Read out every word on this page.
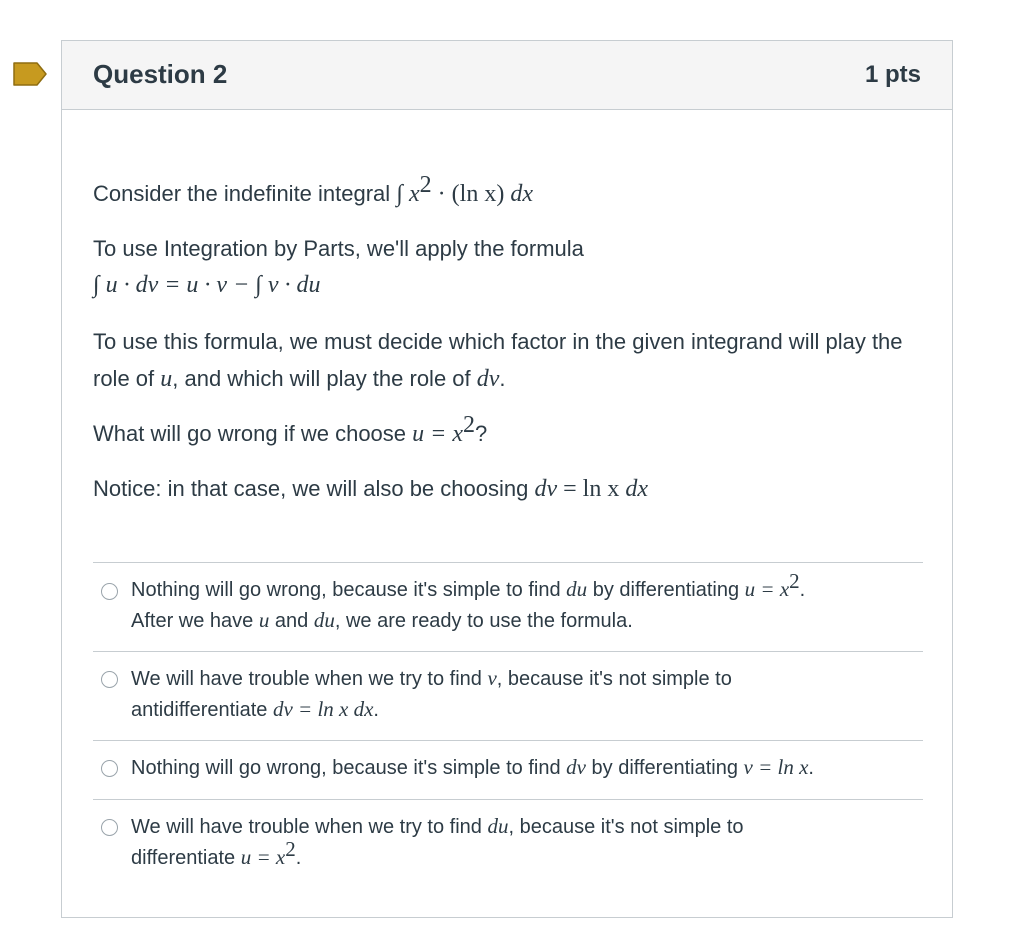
Question 2	1 pts
Consider the indefinite integral ∫ $x^2 \cdot (\ln$ x) dx
To use Integration by Parts, we'll apply the formula
∫ u · dv = u · v − ∫ v · du
To use this formula, we must decide which factor in the given integrand will play the role of u, and which will play the role of dv.
What will go wrong if we choose $u = x^2$?
Notice: in that case, we will also be choosing dv = ln x dx
Nothing will go wrong, because it's simple to find du by differentiating $u = x^2$.
After we have u and du, we are ready to use the formula.
We will have trouble when we try to find v, because it's not simple to
antidifferentiate dv = ln x dx.
Nothing will go wrong, because it's simple to find dv by differentiating v = ln x.
We will have trouble when we try to find du, because it's not simple to
differentiate $u = x^2$.
